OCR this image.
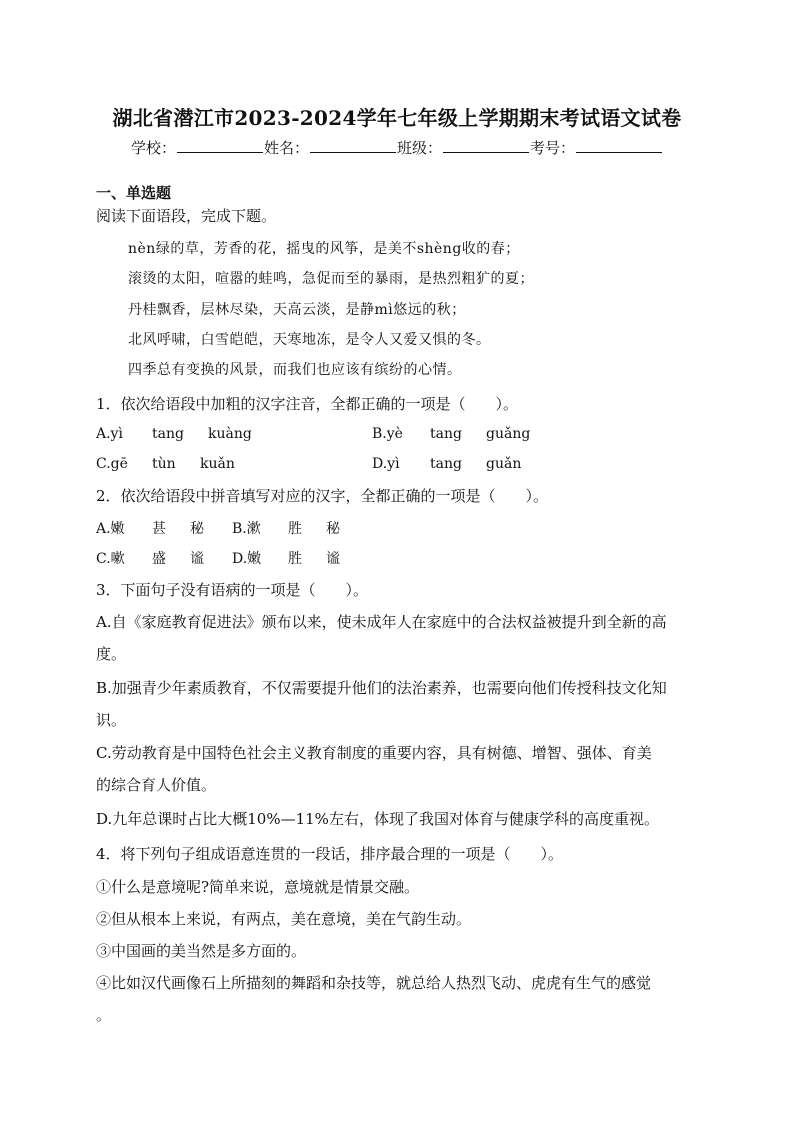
湖北省潜江市2023-2024学年七年级上学期期末考试语文试卷
学校：	姓名：	班级：	考号：
一、单选题
阅读下面语段，完成下题。
nèn绿的草，芳香的花，摇曳的风筝，是美不shèng收的春；
滚烫的太阳，喧嚣的蛙鸣，急促而至的暴雨，是热烈粗犷的夏；
丹桂飘香，层林尽染，天高云淡，是静mì悠远的秋；
北风呼啸，白雪皑皑，天寒地冻，是令人又爱又惧的冬。
四季总有变换的风景，而我们也应该有缤纷的心情。
1．依次给语段中加粗的汉字注音，全都正确的一项是（　　）。
A.yì tang kuàng	B.yè tang guǎng
C.gē tùn kuǎn	D.yì tang guǎn
2．依次给语段中拼音填写对应的汉字，全都正确的一项是（　　）。
A.嫩 甚 秘 B.漱 胜 秘
C.嗽 盛 谧 D.嫩 胜 谧
3．下面句子没有语病的一项是（　　）。
A.自《家庭教育促进法》颁布以来，使未成年人在家庭中的合法权益被提升到全新的高
度。
B.加强青少年素质教育，不仅需要提升他们的法治素养，也需要向他们传授科技文化知
识。
C.劳动教育是中国特色社会主义教育制度的重要内容，具有树德、增智、强体、育美
的综合育人价值。
D.九年总课时占比大概10%—11%左右，体现了我国对体育与健康学科的高度重视。
4．将下列句子组成语意连贯的一段话，排序最合理的一项是（　　）。
①什么是意境呢?简单来说，意境就是情景交融。
②但从根本上来说，有两点，美在意境，美在气韵生动。
③中国画的美当然是多方面的。
④比如汉代画像石上所描刻的舞蹈和杂技等，就总给人热烈飞动、虎虎有生气的感觉
。
